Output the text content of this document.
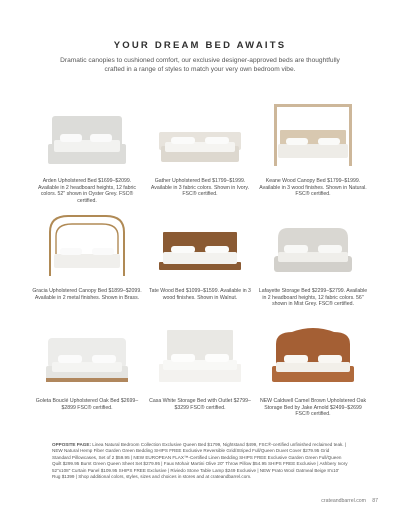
YOUR DREAM BED AWAITS
Dramatic canopies to cushioned comfort, our exclusive designer-approved beds are thoughtfully crafted in a range of styles to match your very own bedroom vibe.
Arden Upholstered Bed $1699–$2099. Available in 2 headboard heights, 12 fabric colors. 52" shown in Oyster Grey. FSC® certified.
Gather Upholstered Bed $1799–$1999. Available in 3 fabric colors. Shown in Ivory. FSC® certified.
Keane Wood Canopy Bed $1799–$1999. Available in 3 wood finishes. Shown in Natural. FSC® certified.
Gracia Upholstered Canopy Bed $1899–$2099. Available in 2 metal finishes. Shown in Brass.
Tate Wood Bed $1099–$1599. Available in 3 wood finishes. Shown in Walnut.
Lafayette Storage Bed $2299–$2799. Available in 2 headboard heights, 12 fabric colors. 56" shown in Mist Grey. FSC® certified.
Goleta Bouclé Upholstered Oak Bed $2699–$2899 FSC® certified.
Casa White Storage Bed with Outlet $2799–$3299 FSC® certified.
NEW Caldwell Camel Brown Upholstered Oak Storage Bed by Jake Arnold $2499–$2699 FSC® certified.
OPPOSITE PAGE: Linea Natural Bedroom Collection Exclusive Queen Bed $1799, Nightstand $499, FSC®-certified unfinished reclaimed teak. | NEW Natural Hemp Fiber Garden Green Bedding SHIPS FREE Exclusive Reversible Grid/Striped Full/Queen Duvet Cover $279.95 Grid Standard Pillowcases, Set of 2 $59.95 | NEW EUROPEAN FLAX™-Certified Linen Bedding SHIPS FREE Exclusive Garden Green Full/Queen Quilt $299.95 Burnt Green Queen Sheet Set $279.95 | Faux Mohair Martini Olive 20" Throw Pillow $54.95 SHIPS FREE Exclusive | Ashbery Ivory 52"x108" Curtain Panel $109.95 SHIPS FREE Exclusive | Riviedo Stone Table Lamp $249 Exclusive | NEW Prato Wool Oatmeal Beige 8'x10' Rug $1399 | Shop additional colors, styles, sizes and choices in stores and at crateandbarrel.com.
crateandbarrel.com 87
